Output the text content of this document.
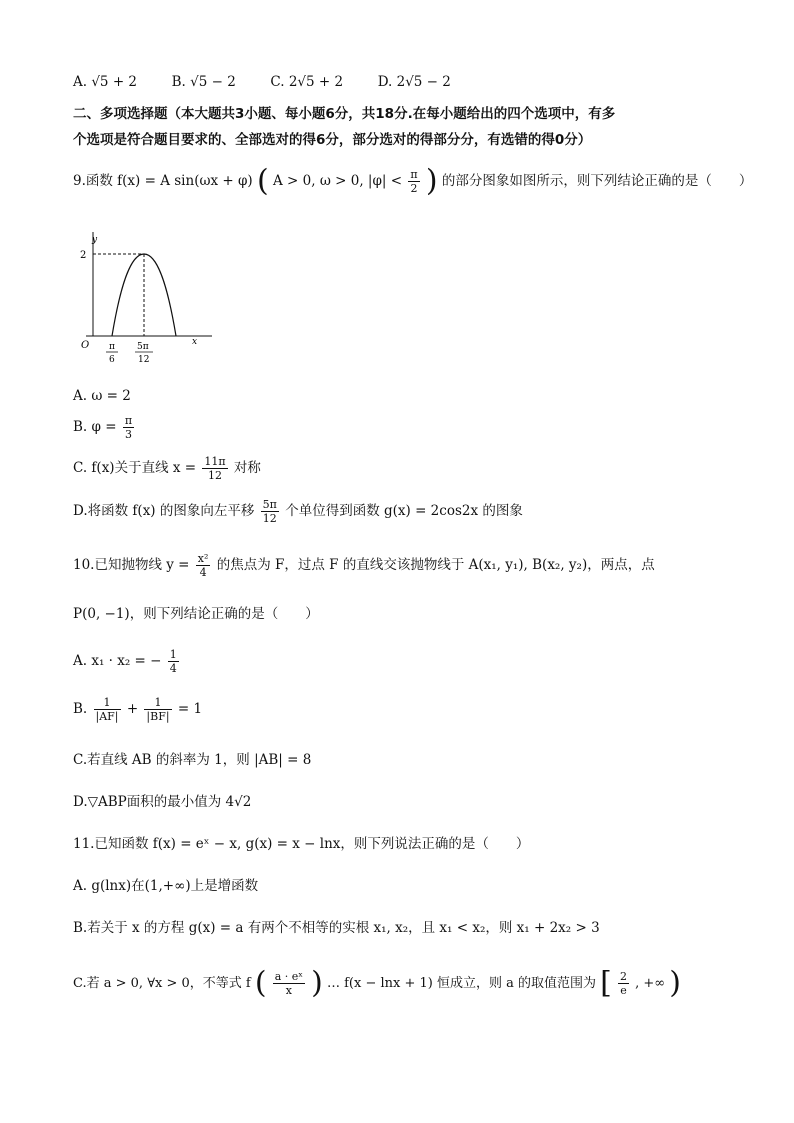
A. √5 + 2	B. √5 − 2	C. 2√5 + 2	D. 2√5 − 2
二、多项选择题（本大题共3小题、每小题6分，共18分.在每小题给出的四个选项中，有多
个选项是符合题目要求的、全部选对的得6分，部分选对的得部分分，有选错的得0分）
9.函数 f(x) = A sin(ωx + φ) ( A > 0, ω > 0, $|\varphi| < \frac{\pi}{2}$ ) 的部分图象如图所示，则下列结论正确的是（　　）
y
x
O
2
π
6
5π
12
A. ω = 2
B. $\varphi = \frac{\pi}{3}$
C. f(x)关于直线 $x = \frac{11\pi}{12}$ 对称
D.将函数 f(x) 的图象向左平移 $\frac{5\pi}{12}$ 个单位得到函数 g(x) = 2cos2x 的图象
10.已知抛物线 $y = \frac{\text{x²}}{4}$ 的焦点为 F，过点 F 的直线交该抛物线于 A(x₁, y₁), B(x₂, y₂)，两点，点
P(0, −1)，则下列结论正确的是（　　）
A. x₁ · x₂ = − $\frac{1}{4}$
B. $\frac{1}{|AF|} + \frac{1}{|BF|} = 1$
C.若直线 AB 的斜率为 1，则 |AB| = 8
D.▽ABP面积的最小值为 4√2
11.已知函数 f(x) = eˣ − x, g(x) = x − lnx，则下列说法正确的是（　　）
A. g(lnx)在(1,+∞)上是增函数
B.若关于 x 的方程 g(x) = a 有两个不相等的实根 x₁, x₂，且 x₁ < x₂，则 x₁ + 2x₂ > 3
C.若 a > 0, ∀x > 0，不等式 f ( $\frac{\text{a · eˣ}}{x}$ ) … f(x − lnx + 1) 恒成立，则 a 的取值范围为 [ $\frac{2}{e}$ , +∞ )
